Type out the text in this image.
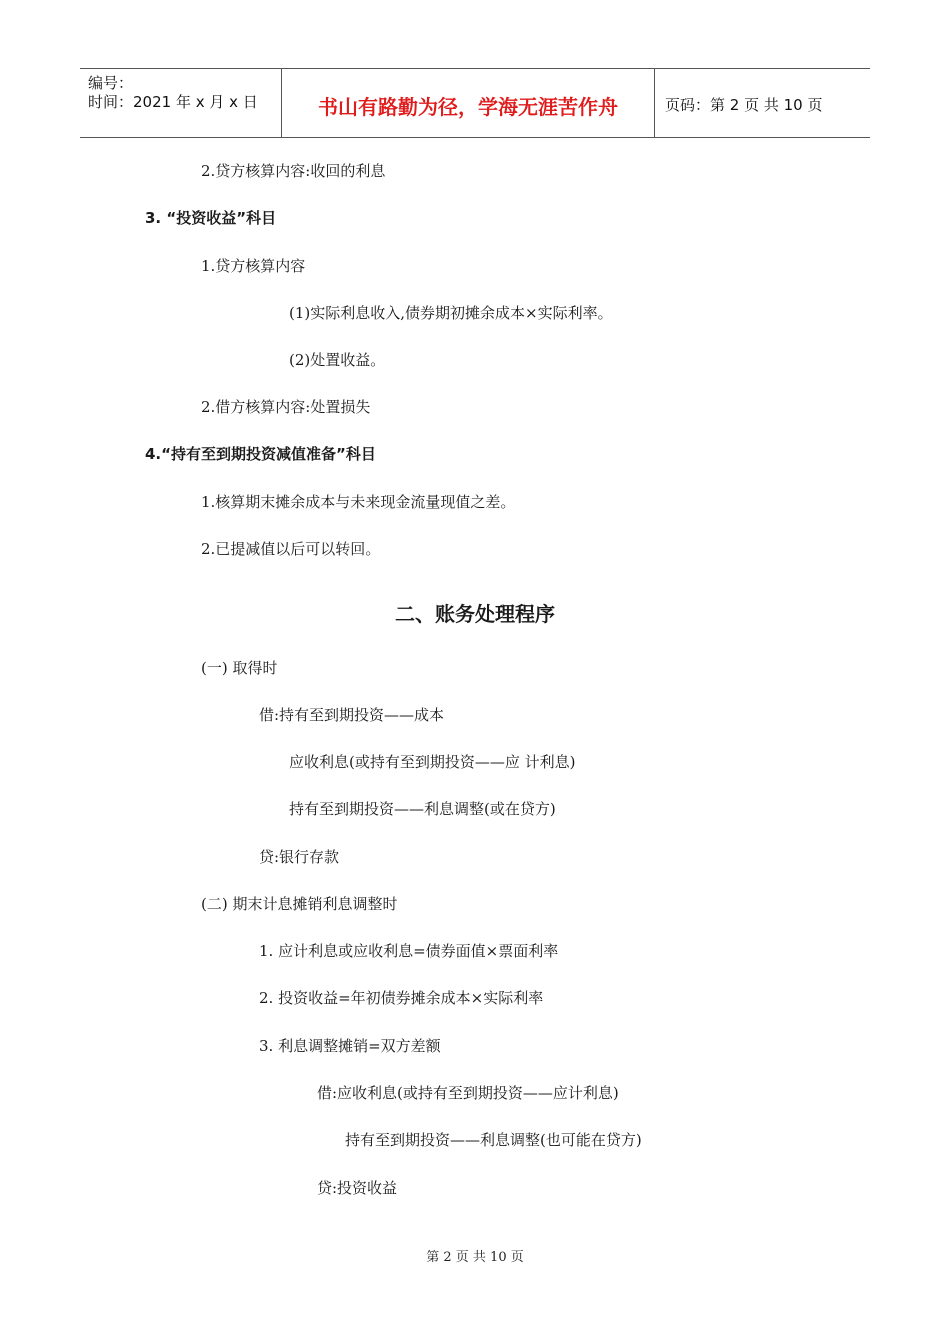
编号：
时间：2021 年 x 月 x 日	书山有路勤为径，学海无涯苦作舟	页码：第 2 页 共 10 页
2.贷方核算内容:收回的利息
3. “投资收益”科目
1.贷方核算内容
(1)实际利息收入,债券期初摊余成本×实际利率。
(2)处置收益。
2.借方核算内容:处置损失
4.“持有至到期投资减值准备”科目
1.核算期末摊余成本与未来现金流量现值之差。
2.已提减值以后可以转回。
二、账务处理程序
(一) 取得时
借:持有至到期投资——成本
应收利息(或持有至到期投资——应 计利息)
持有至到期投资——利息调整(或在贷方)
贷:银行存款
(二) 期末计息摊销利息调整时
1. 应计利息或应收利息=债券面值×票面利率
2. 投资收益=年初债券摊余成本×实际利率
3. 利息调整摊销=双方差额
借:应收利息(或持有至到期投资——应计利息)
持有至到期投资——利息调整(也可能在贷方)
贷:投资收益
第 2 页 共 10 页
